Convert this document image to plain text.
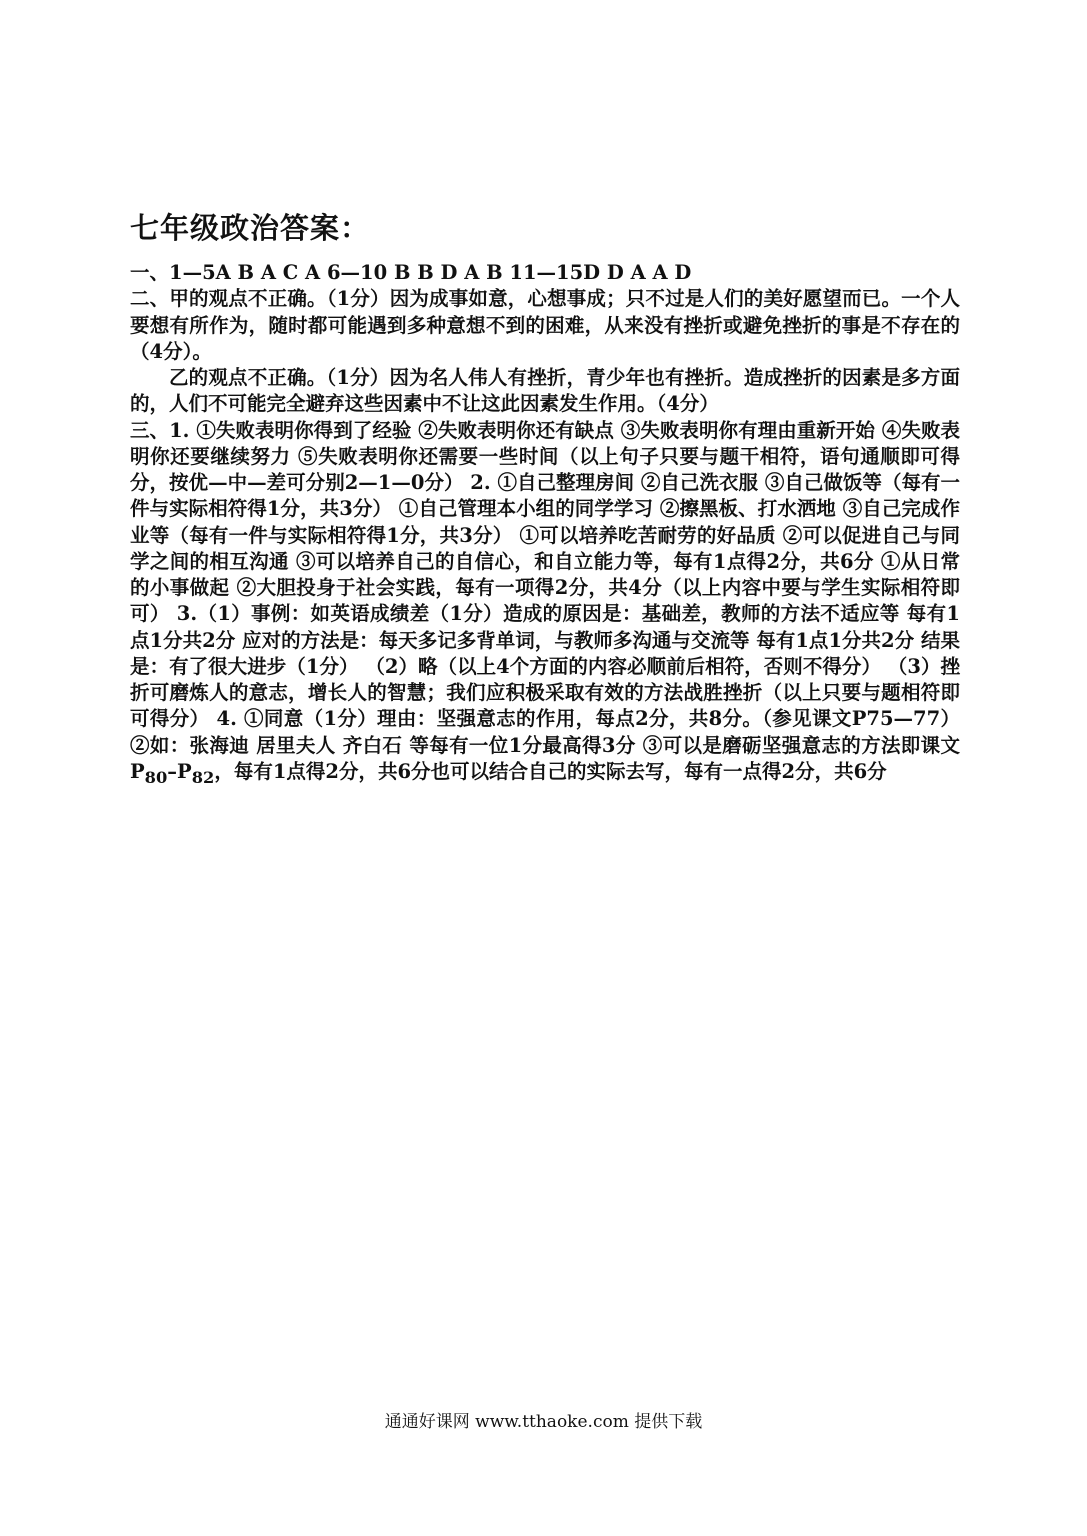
七年级政治答案：

一、1—5A B A C A 6—10 B B D A B 11—15D D A A D

二、甲的观点不正确。（1分）因为成事如意，心想事成；只不过是人们的美好愿望而已。一个人要想有所作为，随时都可能遇到多种意想不到的困难，从来没有挫折或避免挫折的事是不存在的（4分）。

乙的观点不正确。（1分）因为名人伟人有挫折，青少年也有挫折。造成挫折的因素是多方面的，人们不可能完全避弃这些因素中不让这此因素发生作用。（4分）

三、1. ①失败表明你得到了经验 ②失败表明你还有缺点 ③失败表明你有理由重新开始 ④失败表明你还要继续努力 ⑤失败表明你还需要一些时间（以上句子只要与题干相符，语句通顺即可得分，按优—中—差可分别2—1—0分） 2. ①自己整理房间 ②自己洗衣服 ③自己做饭等（每有一件与实际相符得1分，共3分） ①自己管理本小组的同学学习 ②擦黑板、打水洒地 ③自己完成作业等（每有一件与实际相符得1分，共3分） ①可以培养吃苦耐劳的好品质 ②可以促进自己与同学之间的相互沟通 ③可以培养自己的自信心，和自立能力等，每有1点得2分，共6分 ①从日常的小事做起 ②大胆投身于社会实践，每有一项得2分，共4分（以上内容中要与学生实际相符即可） 3.（1）事例：如英语成绩差（1分）造成的原因是：基础差，教师的方法不适应等 每有1点1分共2分 应对的方法是：每天多记多背单词，与教师多沟通与交流等 每有1点1分共2分 结果是：有了很大进步（1分） （2）略（以上4个方面的内容必顺前后相符，否则不得分） （3）挫折可磨炼人的意志，增长人的智慧；我们应积极采取有效的方法战胜挫折（以上只要与题相符即可得分） 4. ①同意（1分）理由：坚强意志的作用，每点2分，共8分。（参见课文P75—77） ②如：张海迪 居里夫人 齐白石 等每有一位1分最高得3分 ③可以是磨砺坚强意志的方法即课文$P_{80}-P_{82}$，每有1点得2分，共6分也可以结合自己的实际去写，每有一点得2分，共6分

通通好课网 www.tthaoke.com 提供下载
